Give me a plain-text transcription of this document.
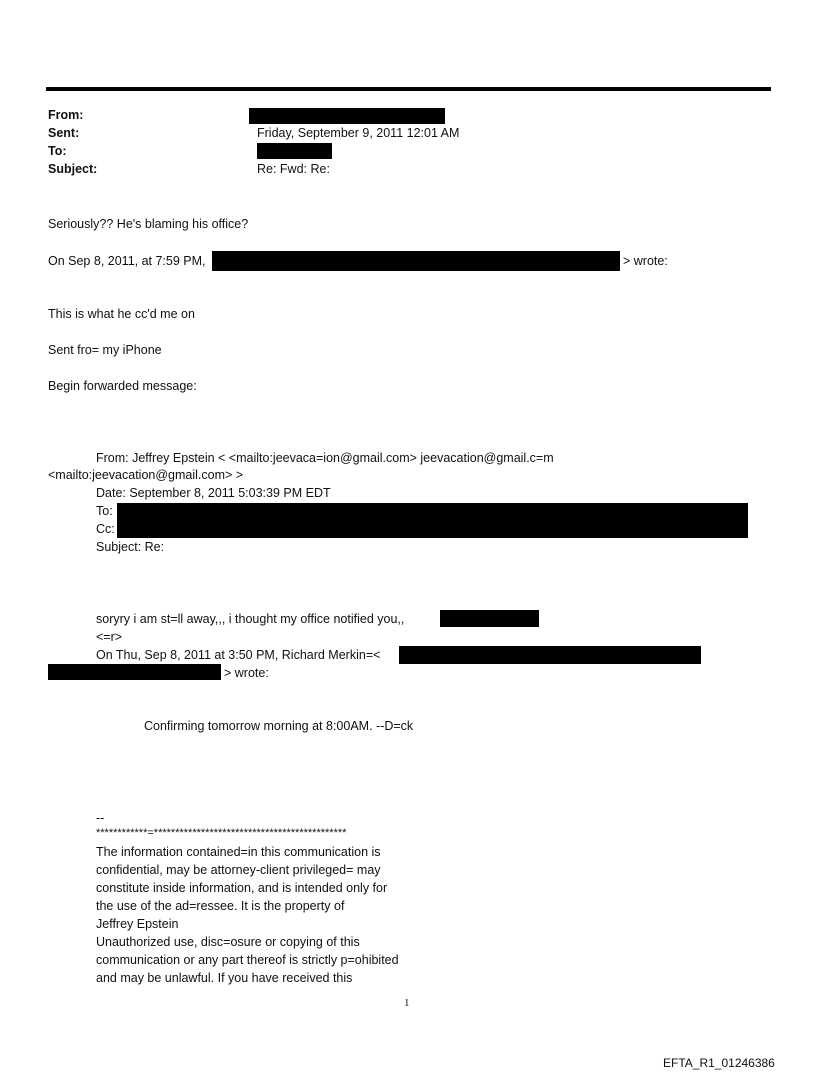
From:
Sent:	Friday, September 9, 2011 12:01 AM
To:
Subject:	Re: Fwd: Re:
Seriously?? He's blaming his office?
On Sep 8, 2011, at 7:59 PM,	> wrote:
This is what he cc'd me on
Sent fro= my iPhone
Begin forwarded message:
From: Jeffrey Epstein < <mailto:jeevaca=ion@gmail.com> jeevacation@gmail.c=m
<mailto:jeevacation@gmail.com> >
Date: September 8, 2011 5:03:39 PM EDT
To:
Cc:
Subject: Re:
soryry i am st=ll away,,, i thought my office notified you,,
<=r>
On Thu, Sep 8, 2011 at 3:50 PM, Richard Merkin=<
> wrote:
Confirming tomorrow morning at 8:00AM. --D=ck
--
************=*********************************************
The information contained=in this communication is
confidential, may be attorney-client privileged= may
constitute inside information, and is intended only for
the use of the ad=ressee. It is the property of
Jeffrey Epstein
Unauthorized use, disc=osure or copying of this
communication or any part thereof is strictly p=ohibited
and may be unlawful. If you have received this
1
EFTA_R1_01246386
